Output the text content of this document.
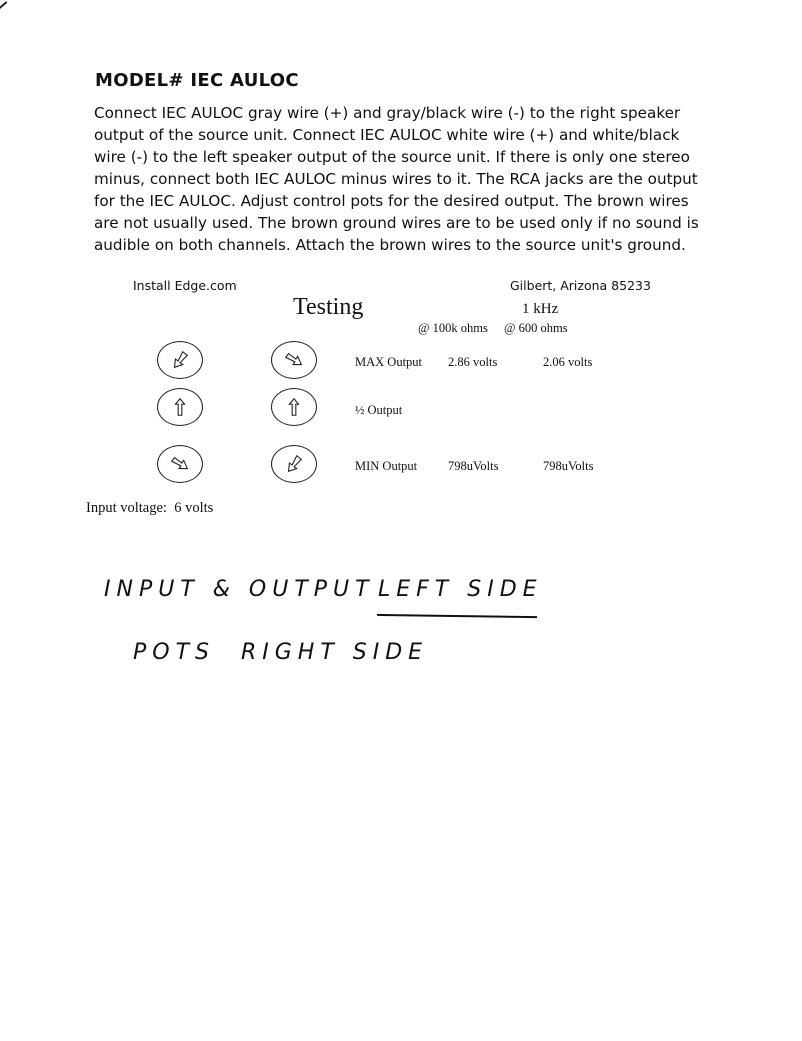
MODEL# IEC AULOC
Connect IEC AULOC gray wire (+) and gray/black wire (-) to the right speaker
output of the source unit. Connect IEC AULOC white wire (+) and white/black
wire (-) to the left speaker output of the source unit. If there is only one stereo
minus, connect both IEC AULOC minus wires to it. The RCA jacks are the output
for the IEC AULOC. Adjust control pots for the desired output. The brown wires
are not usually used. The brown ground wires are to be used only if no sound is
audible on both channels. Attach the brown wires to the source unit's ground.
Install Edge.com	Gilbert, Arizona 85233
Testing	1 kHz
@ 100k ohms @ 600 ohms
MAX Output 2.86 volts	2.06 volts
½ Output
MIN Output 798uVolts	798uVolts
Input voltage:  6 volts
INPUT & OUTPUT LEFT SIDE
POTS  RIGHT SIDE
